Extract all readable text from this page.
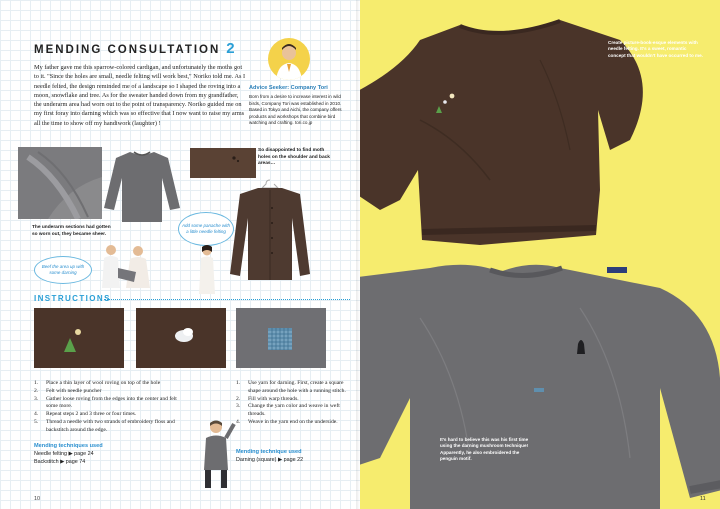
MENDING CONSULTATION 2
My father gave me this sparrow-colored cardigan, and unfortunately the moths got to it. "Since the holes are small, needle felting will work best," Noriko told me. As I needle felted, the design reminded me of a landscape so I shaped the roving into a moon, snowflake and tree. As for the sweater handed down from my grandfather, the underarm area had worn out to the point of transparency. Noriko guided me on my first foray into darning which was so effective that I now want to raise my arms all the time to show off my handiwork (laughter) !
Advice Seeker: Company Tori
Born from a desire to increase interest in wild birds, Company Tori was established in 2010. Based in Tokyo and Aichi, the company offers products and workshops that combine bird watching and crafting. tori.co.jp
The underarm sections had gotten so worn out, they became sheer.
So disappointed to find moth holes on the shoulder and back areas…
Add some panache with a little needle felting
Beef the area up with some darning
INSTRUCTIONS
1.	Place a thin layer of wool roving on top of the hole
2.	Felt with needle puncher
3.	Gather loose roving from the edges into the center and felt some more.
4.	Repeat steps 2 and 3 three or four times.
5.	Thread a needle with two strands of embroidery floss and backstitch around the edge.
Mending techniques used
Needle felting ▶ page 24
Backstitch ▶ page 74
1.	Use yarn for darning. First, create a square shape around the hole with a running stitch.
2.	Fill with warp threads.
3.	Change the yarn color and weave in weft threads.
4.	Weave in the yarn end on the underside.
Mending technique used
Darning (square) ▶ page 22
10
Create picture-book-esque elements with needle felting. It’s a sweet, romantic concept that wouldn’t have occurred to me.
It’s hard to believe this was his first time using the darning mushroom technique! Apparently, he also embroidered the penguin motif.
11
